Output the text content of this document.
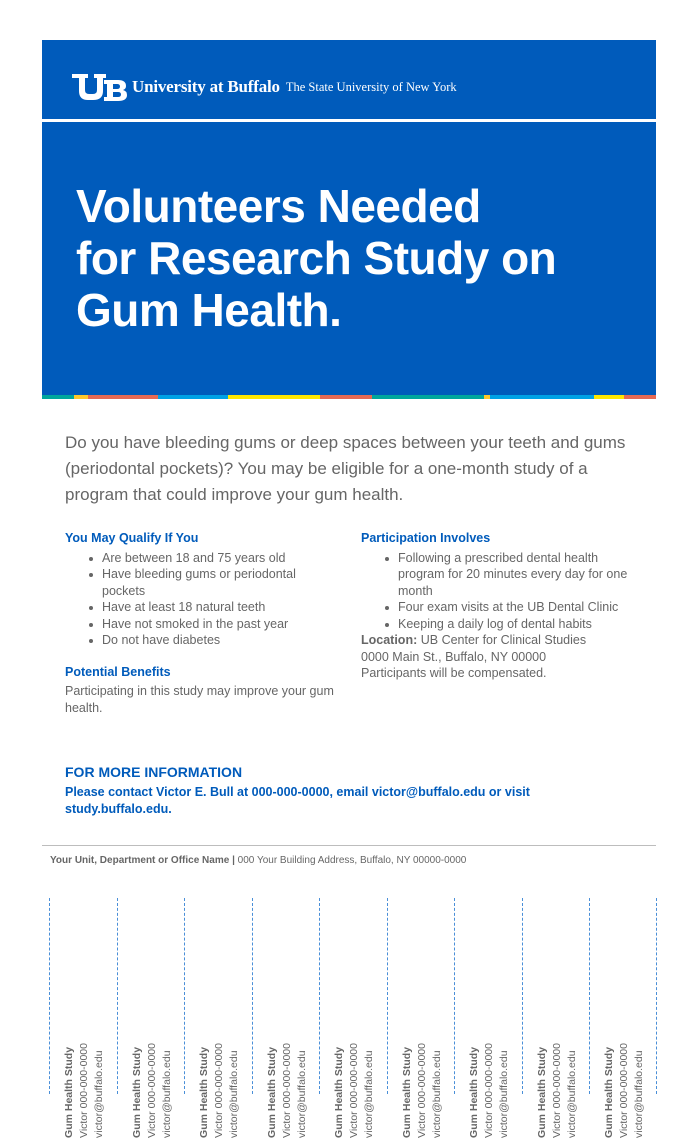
University at Buffalo The State University of New York
Volunteers Needed
for Research Study on
Gum Health.

Do you have bleeding gums or deep spaces between your teeth and gums (periodontal pockets)? You may be eligible for a one-month study of a program that could improve your gum health.

You May Qualify If You
Are between 18 and 75 years old
Have bleeding gums or periodontal pockets
Have at least 18 natural teeth
Have not smoked in the past year
Do not have diabetes
Potential Benefits

Participating in this study may improve your gum health.

Participation Involves
Following a prescribed dental health program for 20 minutes every day for one month
Four exam visits at the UB Dental Clinic
Keeping a daily log of dental habits

Location: UB Center for Clinical Studies
0000 Main St., Buffalo, NY 00000

Participants will be compensated.

FOR MORE INFORMATION

Please contact Victor E. Bull at 000-000-0000, email victor@buffalo.edu or visit study.buffalo.edu.

Your Unit, Department or Office Name | 000 Your Building Address, Buffalo, NY 00000-0000
Gum Health Study Victor 000-000-0000 victor@buffalo.edu Gum Health Study Victor 000-000-0000 victor@buffalo.edu Gum Health Study Victor 000-000-0000 victor@buffalo.edu Gum Health Study Victor 000-000-0000 victor@buffalo.edu Gum Health Study Victor 000-000-0000 victor@buffalo.edu Gum Health Study Victor 000-000-0000 victor@buffalo.edu Gum Health Study Victor 000-000-0000 victor@buffalo.edu Gum Health Study Victor 000-000-0000 victor@buffalo.edu Gum Health Study Victor 000-000-0000 victor@buffalo.edu
